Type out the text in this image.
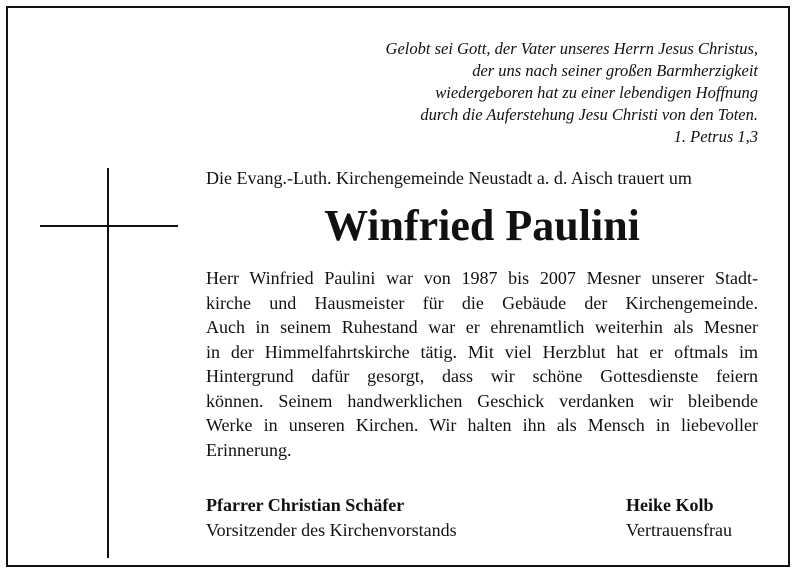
Gelobt sei Gott, der Vater unseres Herrn Jesus Christus,
der uns nach seiner großen Barmherzigkeit
wiedergeboren hat zu einer lebendigen Hoffnung
durch die Auferstehung Jesu Christi von den Toten.
1. Petrus 1,3
Die Evang.-Luth. Kirchengemeinde Neustadt a. d. Aisch trauert um
Winfried Paulini
Herr Winfried Paulini war von 1987 bis 2007 Mesner unserer Stadt-
kirche und Hausmeister für die Gebäude der Kirchengemeinde.
Auch in seinem Ruhestand war er ehrenamtlich weiterhin als Mesner
in der Himmelfahrtskirche tätig. Mit viel Herzblut hat er oftmals im
Hintergrund dafür gesorgt, dass wir schöne Gottesdienste feiern
können. Seinem handwerklichen Geschick verdanken wir bleibende
Werke in unseren Kirchen. Wir halten ihn als Mensch in liebevoller
Erinnerung.
Pfarrer Christian Schäfer
Vorsitzender des Kirchenvorstands
Heike Kolb
Vertrauensfrau
